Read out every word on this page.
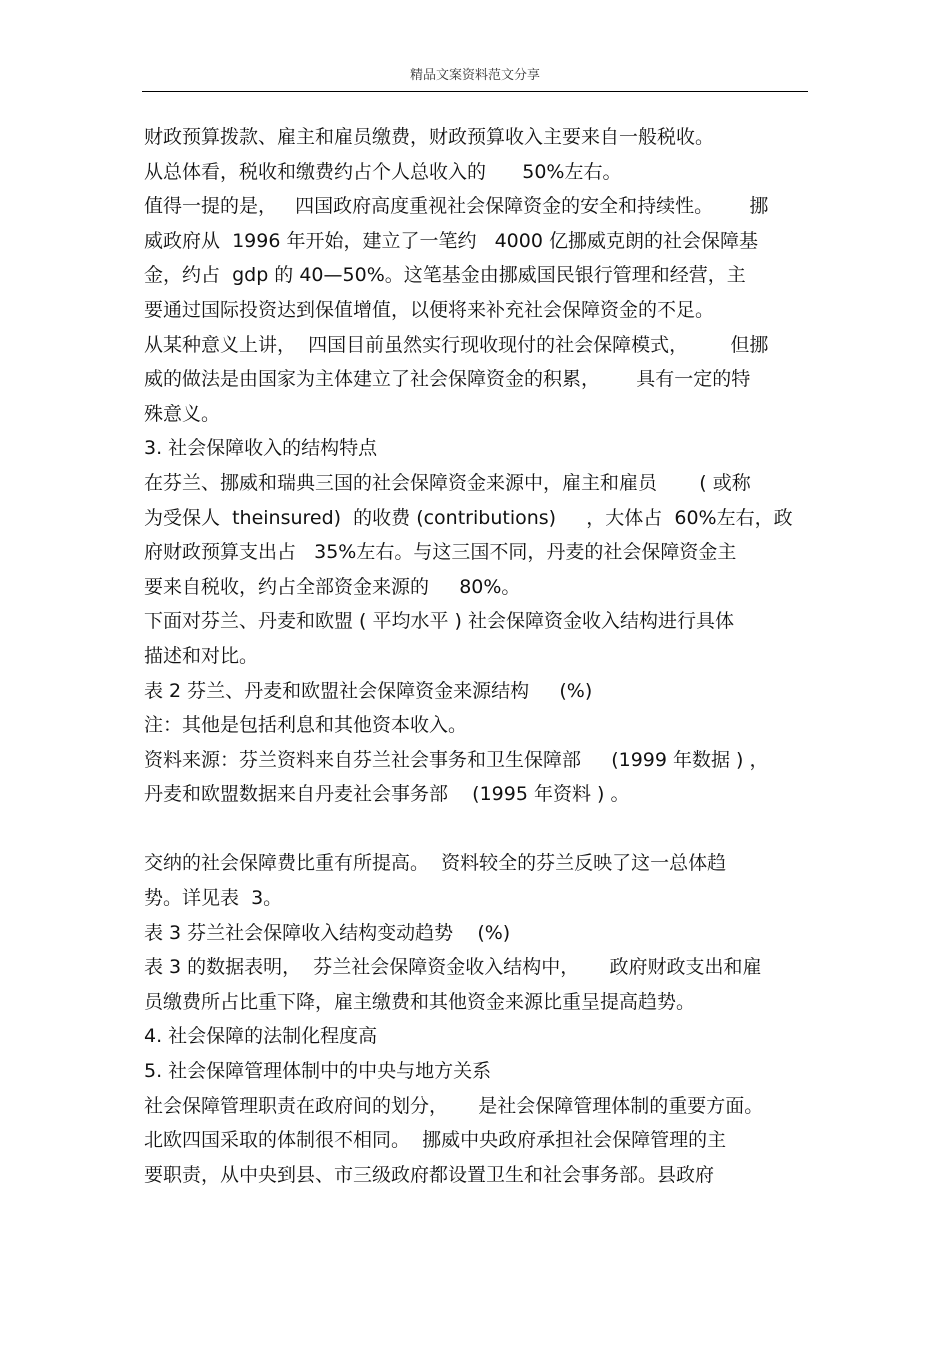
精品文案资料范文分享
财政预算拨款、雇主和雇员缴费，财政预算收入主要来自一般税收。
从总体看，税收和缴费约占个人总收入的      50%左右。
值得一提的是，   四国政府高度重视社会保障资金的安全和持续性。      挪
威政府从  1996 年开始，建立了一笔约   4000 亿挪威克朗的社会保障基
金，约占  gdp 的 40—50%。这笔基金由挪威国民银行管理和经营，主
要通过国际投资达到保值增值，以便将来补充社会保障资金的不足。
从某种意义上讲，  四国目前虽然实行现收现付的社会保障模式，       但挪
威的做法是由国家为主体建立了社会保障资金的积累，      具有一定的特
殊意义。
3. 社会保障收入的结构特点
在芬兰、挪威和瑞典三国的社会保障资金来源中，雇主和雇员       ( 或称
为受保人  theinsured)  的收费 (contributions)     ，大体占  60%左右，政
府财政预算支出占   35%左右。与这三国不同，丹麦的社会保障资金主
要来自税收，约占全部资金来源的     80%。
下面对芬兰、丹麦和欧盟 ( 平均水平 ) 社会保障资金收入结构进行具体
描述和对比。
表 2 芬兰、丹麦和欧盟社会保障资金来源结构     (%)
注：其他是包括利息和其他资本收入。
资料来源：芬兰资料来自芬兰社会事务和卫生保障部     (1999 年数据 ) ，
丹麦和欧盟数据来自丹麦社会事务部    (1995 年资料 ) 。
交纳的社会保障费比重有所提高。  资料较全的芬兰反映了这一总体趋
势。详见表  3。
表 3 芬兰社会保障收入结构变动趋势    (%)
表 3 的数据表明，  芬兰社会保障资金收入结构中，     政府财政支出和雇
员缴费所占比重下降，雇主缴费和其他资金来源比重呈提高趋势。
4. 社会保障的法制化程度高
5. 社会保障管理体制中的中央与地方关系
社会保障管理职责在政府间的划分，     是社会保障管理体制的重要方面。
北欧四国采取的体制很不相同。  挪威中央政府承担社会保障管理的主
要职责，从中央到县、市三级政府都设置卫生和社会事务部。县政府
